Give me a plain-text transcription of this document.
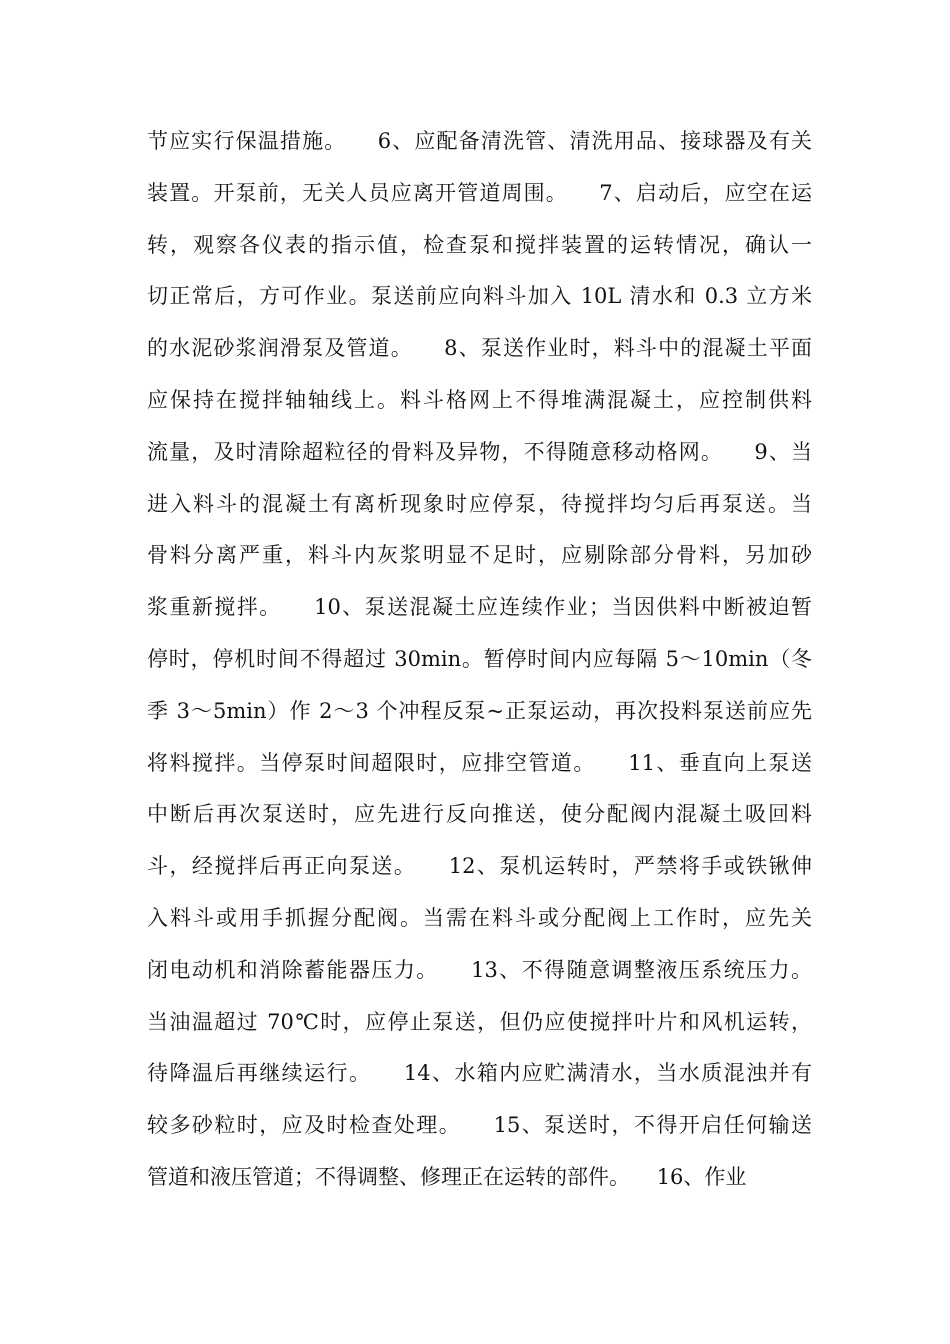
节应实行保温措施。    6、应配备清洗管、清洗用品、接球器及有关
装置。开泵前，无关人员应离开管道周围。    7、启动后，应空在运
转，观察各仪表的指示值，检查泵和搅拌装置的运转情况，确认一
切正常后，方可作业。泵送前应向料斗加入 10L 清水和 0.3 立方米
的水泥砂浆润滑泵及管道。    8、泵送作业时，料斗中的混凝土平面
应保持在搅拌轴轴线上。料斗格网上不得堆满混凝土，应控制供料
流量，及时清除超粒径的骨料及异物，不得随意移动格网。    9、当
进入料斗的混凝土有离析现象时应停泵，待搅拌均匀后再泵送。当
骨料分离严重，料斗内灰浆明显不足时，应剔除部分骨料，另加砂
浆重新搅拌。    10、泵送混凝土应连续作业；当因供料中断被迫暂
停时，停机时间不得超过 30min。暂停时间内应每隔 5～10min（冬
季 3～5min）作 2～3 个冲程反泵~正泵运动，再次投料泵送前应先
将料搅拌。当停泵时间超限时，应排空管道。    11、垂直向上泵送
中断后再次泵送时，应先进行反向推送，使分配阀内混凝土吸回料
斗，经搅拌后再正向泵送。    12、泵机运转时，严禁将手或铁锹伸
入料斗或用手抓握分配阀。当需在料斗或分配阀上工作时，应先关
闭电动机和消除蓄能器压力。    13、不得随意调整液压系统压力。
当油温超过 70℃时，应停止泵送，但仍应使搅拌叶片和风机运转，
待降温后再继续运行。    14、水箱内应贮满清水，当水质混浊并有
较多砂粒时，应及时检查处理。    15、泵送时，不得开启任何输送
管道和液压管道；不得调整、修理正在运转的部件。    16、作业
